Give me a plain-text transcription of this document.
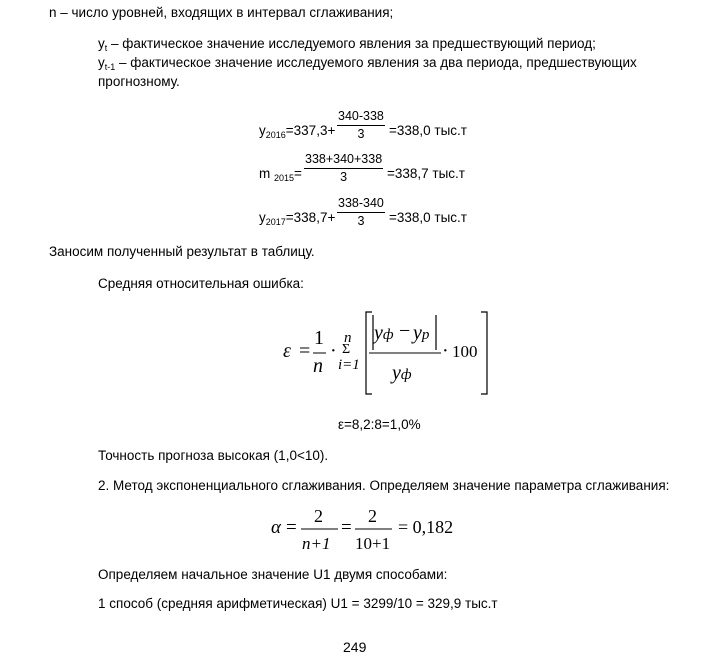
n – число уровней, входящих в интервал сглаживания;
$y_t$ – фактическое значение исследуемого явления за предшествующий период;
$y_{t-1}$ – фактическое значение исследуемого явления за два периода, предшествующих
прогнозному.
$y_{2016}=337,3+$
340-338
3 =338,0 тыс.т
m $_{2015}$=
338+340+338
3	=338,7 тыс.т
$y_{2017}=338,7+$
338-340
3 =338,0 тыс.т
Заносим полученный результат в таблицу.
Средняя относительная ошибка:
ε =
1
n
·
n
Σ
i=1
yф − yp
yф
· 100
ε=8,2:8=1,0%
Точность прогноза высокая (1,0<10).
2. Метод экспоненциального сглаживания. Определяем значение параметра сглаживания:
α =
2
n+1
=
2
10+1
= 0,182
Определяем начальное значение U1 двумя способами:
1 способ (средняя арифметическая) U1 = 3299/10 = 329,9 тыс.т
249
